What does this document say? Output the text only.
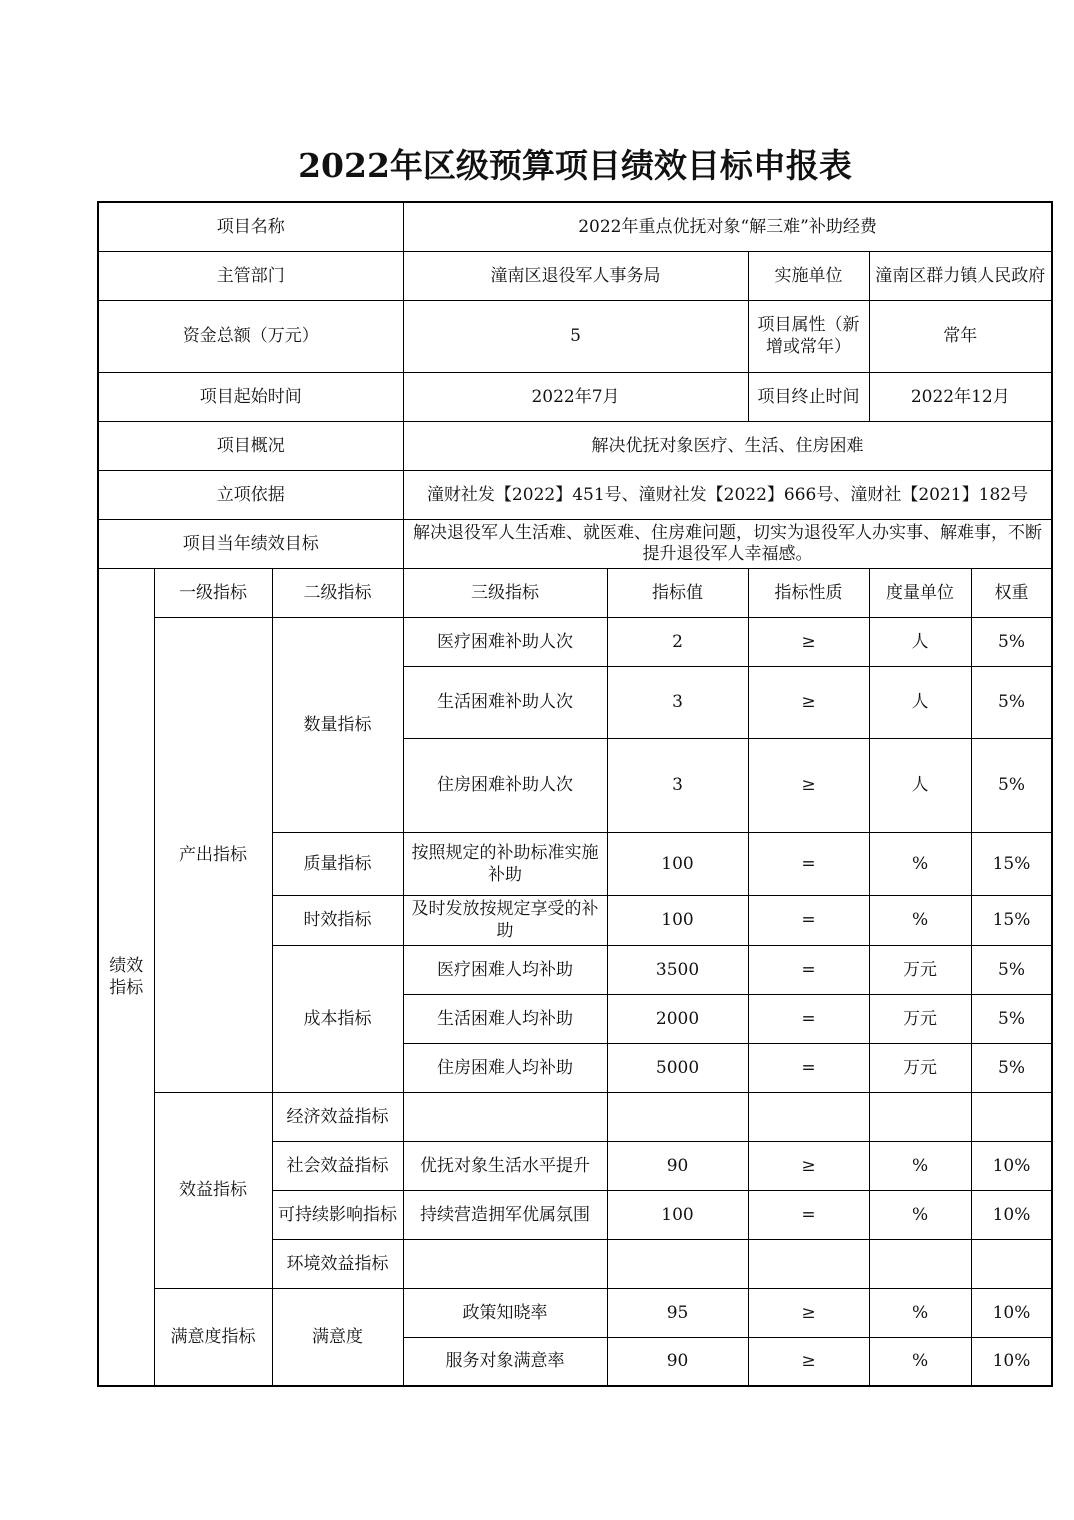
2022年区级预算项目绩效目标申报表
项目名称			2022年重点优抚对象“解三难”补助经费				
主管部门			潼南区退役军人事务局		实施单位	潼南区群力镇人民政府	
资金总额（万元）			5		项目属性（新增或常年）	常年	
项目起始时间			2022年7月		项目终止时间	2022年12月	
项目概况			解决优抚对象医疗、生活、住房困难				
立项依据			潼财社发【2022】451号、潼财社发【2022】666号、潼财社【2021】182号				
项目当年绩效目标			解决退役军人生活难、就医难、住房难问题，切实为退役军人办实事、解难事，不断提升退役军人幸福感。				
绩效指标	一级指标	二级指标	三级指标	指标值	指标性质	度量单位	权重
	产出指标	数量指标	医疗困难补助人次	2	≥	人	5%
			生活困难补助人次	3	≥	人	5%
			住房困难补助人次	3	≥	人	5%
		质量指标	按照规定的补助标准实施补助	100	=	%	15%
		时效指标	及时发放按规定享受的补助	100	=	%	15%
		成本指标	医疗困难人均补助	3500	=	万元	5%
			生活困难人均补助	2000	=	万元	5%
			住房困难人均补助	5000	=	万元	5%
	效益指标	经济效益指标					
		社会效益指标	优抚对象生活水平提升	90	≥	%	10%
		可持续影响指标	持续营造拥军优属氛围	100	=	%	10%
		环境效益指标					
	满意度指标	满意度	政策知晓率	95	≥	%	10%
			服务对象满意率	90	≥	%	10%
